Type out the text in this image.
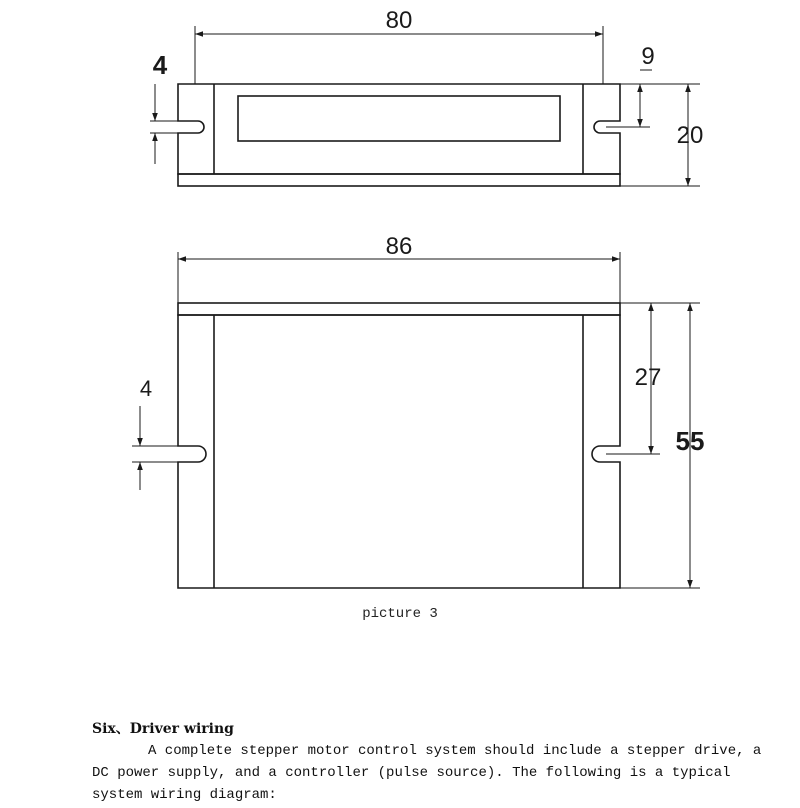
80
4	9
20
86
4	27
55
picture 3
Six、Driver wiring

A complete stepper motor control system should include a stepper drive, a DC power supply, and a controller (pulse source). The following is a typical system wiring diagram:
